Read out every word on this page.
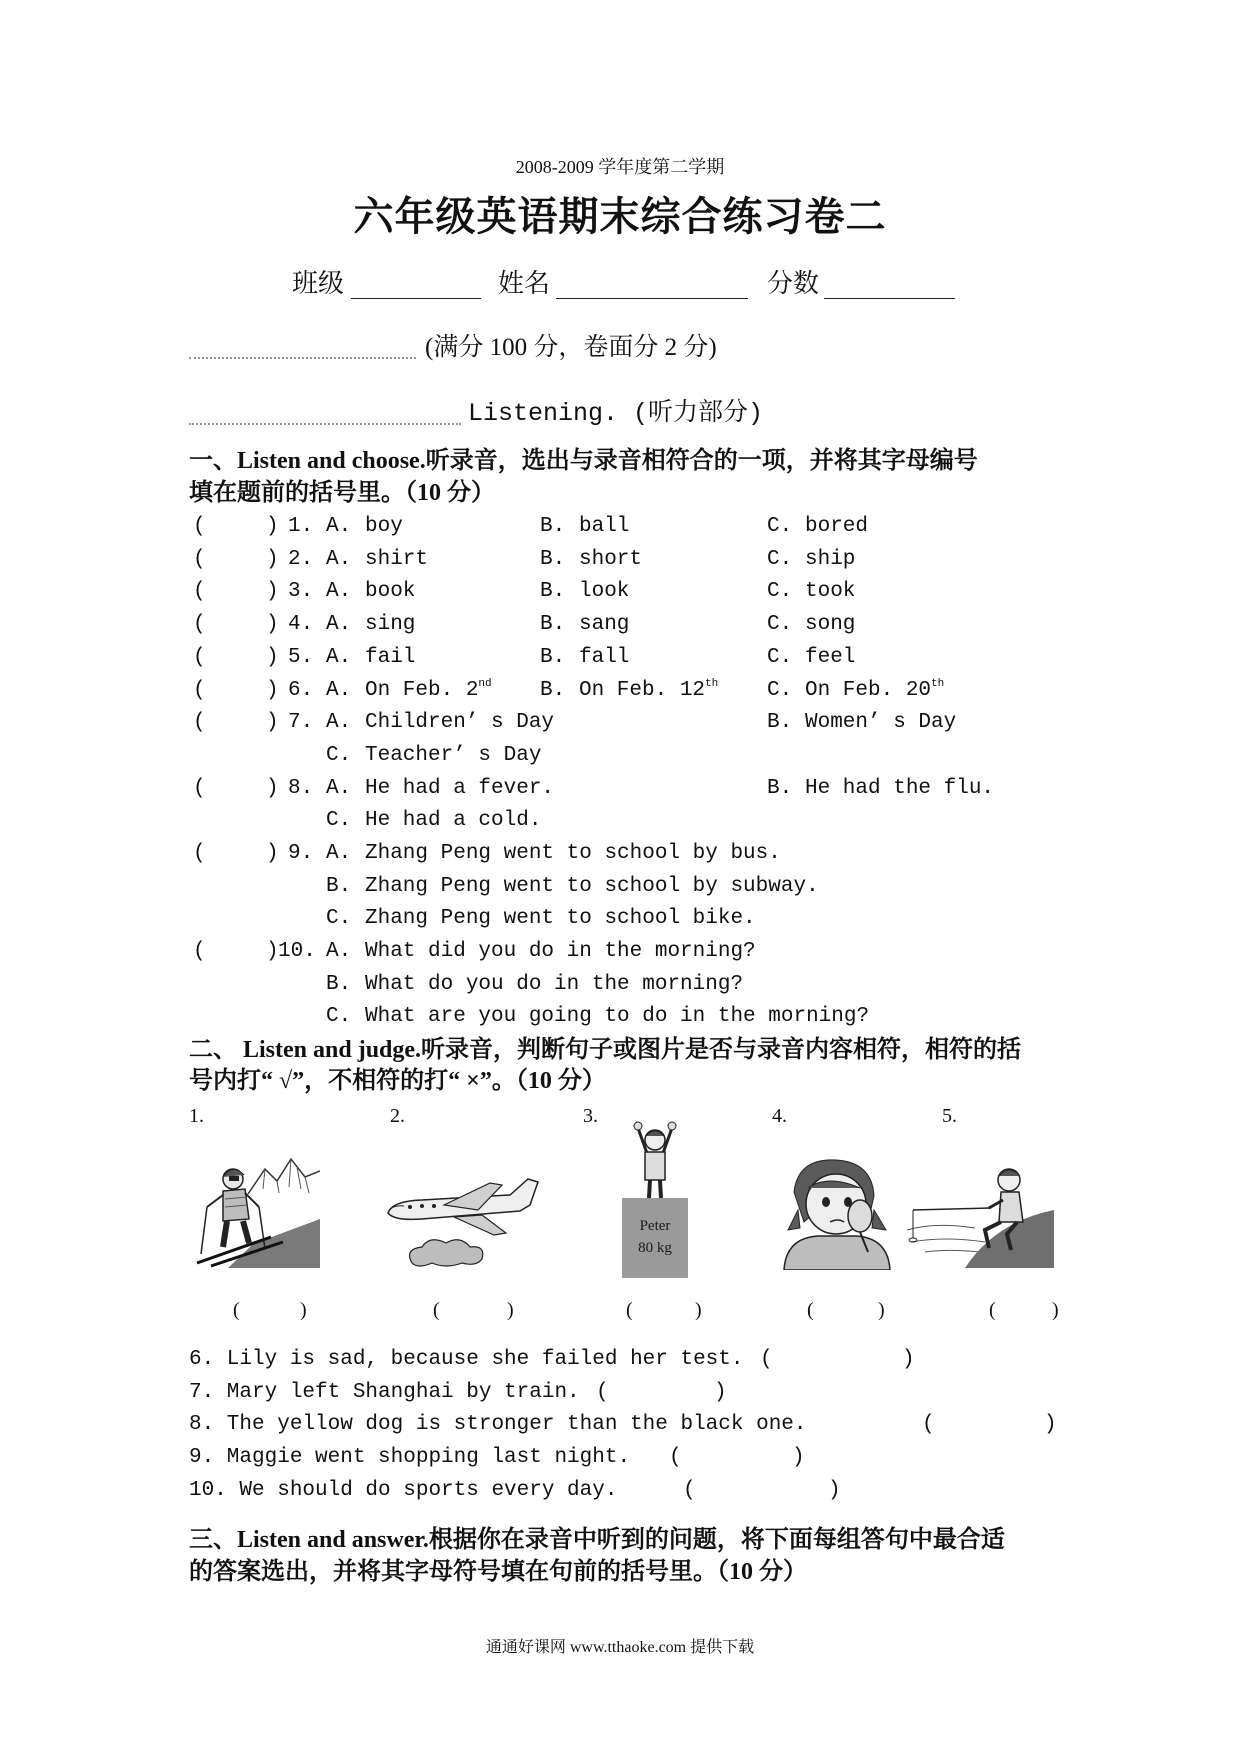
2008-2009 学年度第二学期
六年级英语期末综合练习卷二
班级	姓名	分数
(满分 100 分，卷面分 2 分)
Listening. (听力部分)
一、Listen and choose.听录音，选出与录音相符合的一项，并将其字母编号
填在题前的括号里。（10 分）
(	) 1. A. boy	B. ball	C. bored
(	) 2. A. shirt	B. short	C. ship
(	) 3. A. book	B. look	C. took
(	) 4. A. sing	B. sang	C. song
(	) 5. A. fail	B. fall	C. feel
(	) 6. A. On Feb. 2nd B. On Feb. 12th C. On Feb. 20th
(	) 7. A. Children’ s Day	B. Women’ s Day
C. Teacher’ s Day
(	) 8. A. He had a fever.	B. He had the flu.
C. He had a cold.
(	) 9. A. Zhang Peng went to school by bus.
B. Zhang Peng went to school by subway.
C. Zhang Peng went to school bike.
(	) 10. A. What did you do in the morning?
B. What do you do in the morning?
C. What are you going to do in the morning?
二、 Listen and judge.听录音，判断句子或图片是否与录音内容相符，相符的括
号内打“ √”，不相符的打“ ×”。（10 分）
1.	2.	3.	4.	5.
Peter
80 kg
(	)	(	)	(	)	(	)	(	)
6. Lily is sad, because she failed her test. (	)
7. Mary left Shanghai by train. (	)
8. The yellow dog is stronger than the black one.	(	)
9. Maggie went shopping last night. (	)
10. We should do sports every day.	(	)
三、Listen and answer.根据你在录音中听到的问题，将下面每组答句中最合适
的答案选出，并将其字母符号填在句前的括号里。（10 分）
通通好课网 www.tthaoke.com 提供下载
